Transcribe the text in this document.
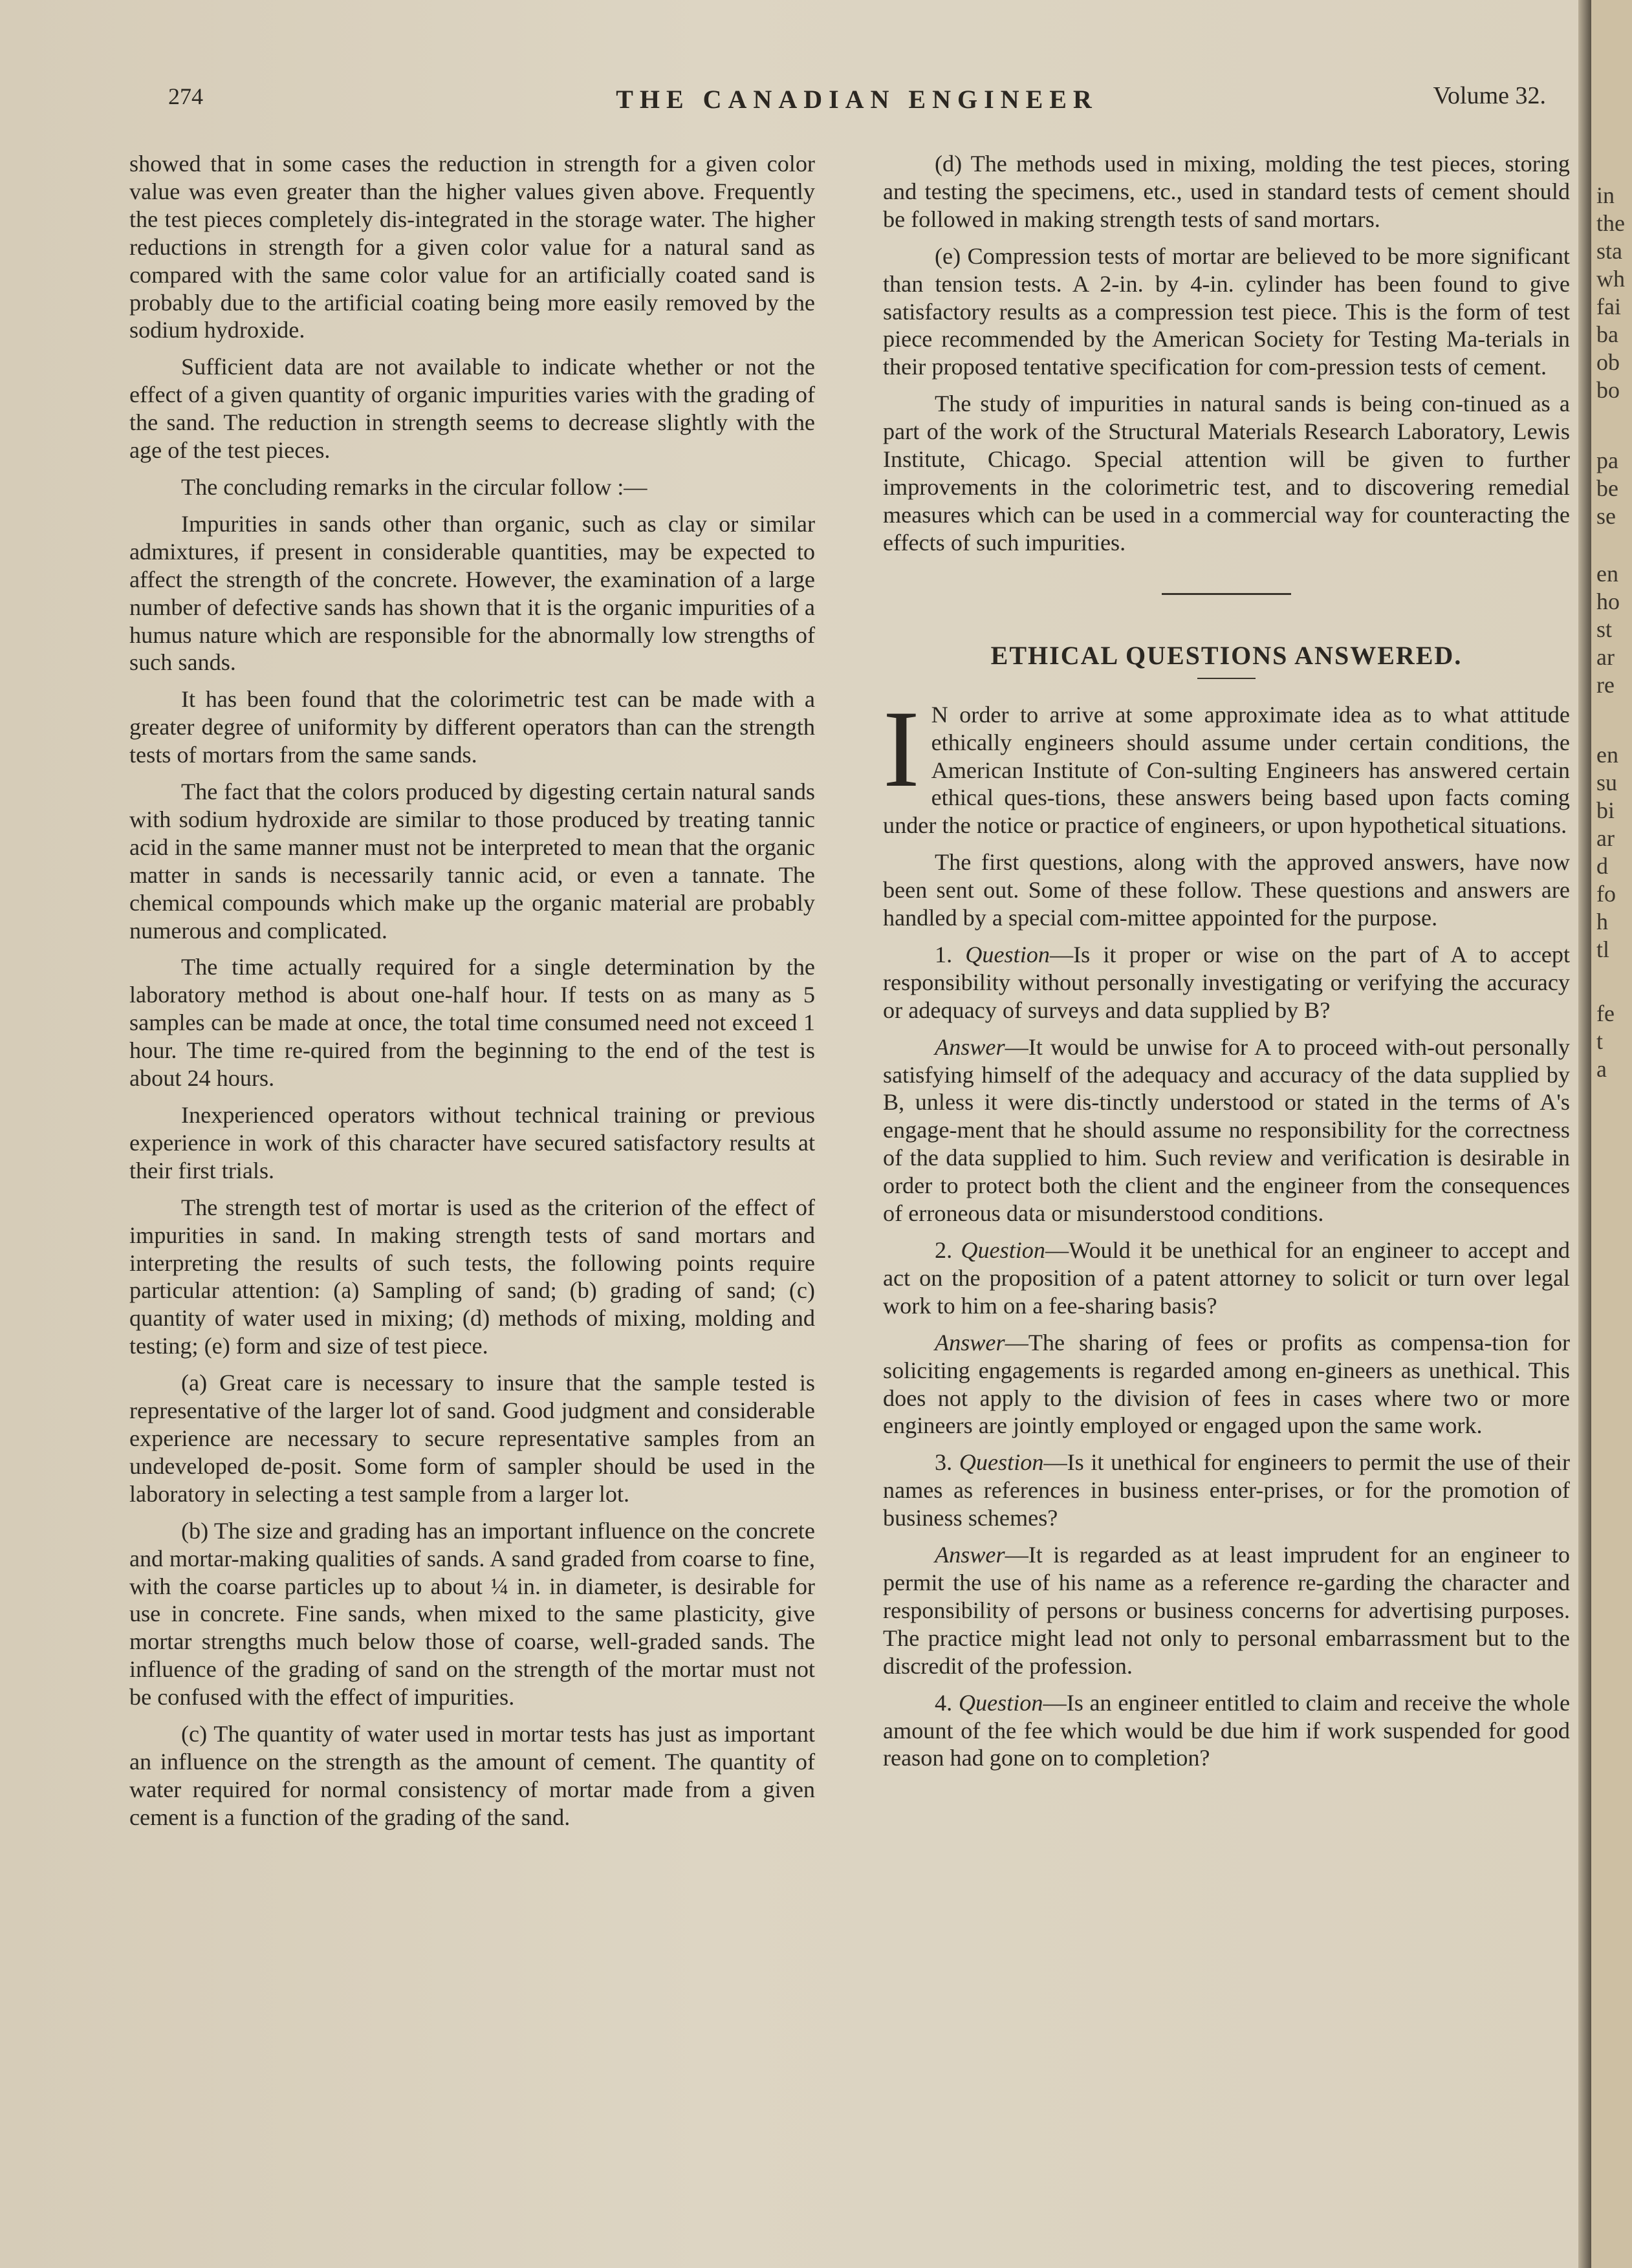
274	THE CANADIAN ENGINEER	Volume 32.

showed that in some cases the reduction in strength for a given color value was even greater than the higher values given above. Frequently the test pieces completely dis-integrated in the storage water. The higher reductions in strength for a given color value for a natural sand as compared with the same color value for an artificially coated sand is probably due to the artificial coating being more easily removed by the sodium hydroxide.

Sufficient data are not available to indicate whether or not the effect of a given quantity of organic impurities varies with the grading of the sand. The reduction in strength seems to decrease slightly with the age of the test pieces.

The concluding remarks in the circular follow :—

Impurities in sands other than organic, such as clay or similar admixtures, if present in considerable quantities, may be expected to affect the strength of the concrete. However, the examination of a large number of defective sands has shown that it is the organic impurities of a humus nature which are responsible for the abnormally low strengths of such sands.

It has been found that the colorimetric test can be made with a greater degree of uniformity by different operators than can the strength tests of mortars from the same sands.

The fact that the colors produced by digesting certain natural sands with sodium hydroxide are similar to those produced by treating tannic acid in the same manner must not be interpreted to mean that the organic matter in sands is necessarily tannic acid, or even a tannate. The chemical compounds which make up the organic material are probably numerous and complicated.

The time actually required for a single determination by the laboratory method is about one-half hour. If tests on as many as 5 samples can be made at once, the total time consumed need not exceed 1 hour. The time re-quired from the beginning to the end of the test is about 24 hours.

Inexperienced operators without technical training or previous experience in work of this character have secured satisfactory results at their first trials.

The strength test of mortar is used as the criterion of the effect of impurities in sand. In making strength tests of sand mortars and interpreting the results of such tests, the following points require particular attention: (a) Sampling of sand; (b) grading of sand; (c) quantity of water used in mixing; (d) methods of mixing, molding and testing; (e) form and size of test piece.

(a) Great care is necessary to insure that the sample tested is representative of the larger lot of sand. Good judgment and considerable experience are necessary to secure representative samples from an undeveloped de-posit. Some form of sampler should be used in the laboratory in selecting a test sample from a larger lot.

(b) The size and grading has an important influence on the concrete and mortar-making qualities of sands. A sand graded from coarse to fine, with the coarse particles up to about ¼ in. in diameter, is desirable for use in concrete. Fine sands, when mixed to the same plasticity, give mortar strengths much below those of coarse, well-graded sands. The influence of the grading of sand on the strength of the mortar must not be confused with the effect of impurities.

(c) The quantity of water used in mortar tests has just as important an influence on the strength as the amount of cement. The quantity of water required for normal consistency of mortar made from a given cement is a function of the grading of the sand.

(d) The methods used in mixing, molding the test pieces, storing and testing the specimens, etc., used in standard tests of cement should be followed in making strength tests of sand mortars.

(e) Compression tests of mortar are believed to be more significant than tension tests. A 2-in. by 4-in. cylinder has been found to give satisfactory results as a compression test piece. This is the form of test piece recommended by the American Society for Testing Ma-terials in their proposed tentative specification for com-pression tests of cement.

The study of impurities in natural sands is being con-tinued as a part of the work of the Structural Materials Research Laboratory, Lewis Institute, Chicago. Special attention will be given to further improvements in the colorimetric test, and to discovering remedial measures which can be used in a commercial way for counteracting the effects of such impurities.

ETHICAL QUESTIONS ANSWERED.

I N order to arrive at some approximate idea as to what attitude ethically engineers should assume under certain conditions, the American Institute of Con-sulting Engineers has answered certain ethical ques-tions, these answers being based upon facts coming under the notice or practice of engineers, or upon hypothetical situations.

The first questions, along with the approved answers, have now been sent out. Some of these follow. These questions and answers are handled by a special com-mittee appointed for the purpose.

1. Question—Is it proper or wise on the part of A to accept responsibility without personally investigating or verifying the accuracy or adequacy of surveys and data supplied by B?

Answer—It would be unwise for A to proceed with-out personally satisfying himself of the adequacy and accuracy of the data supplied by B, unless it were dis-tinctly understood or stated in the terms of A's engage-ment that he should assume no responsibility for the correctness of the data supplied to him. Such review and verification is desirable in order to protect both the client and the engineer from the consequences of erroneous data or misunderstood conditions.

2. Question—Would it be unethical for an engineer to accept and act on the proposition of a patent attorney to solicit or turn over legal work to him on a fee-sharing basis?

Answer—The sharing of fees or profits as compensa-tion for soliciting engagements is regarded among en-gineers as unethical. This does not apply to the division of fees in cases where two or more engineers are jointly employed or engaged upon the same work.

3. Question—Is it unethical for engineers to permit the use of their names as references in business enter-prises, or for the promotion of business schemes?

Answer—It is regarded as at least imprudent for an engineer to permit the use of his name as a reference re-garding the character and responsibility of persons or business concerns for advertising purposes. The practice might lead not only to personal embarrassment but to the discredit of the profession.

4. Question—Is an engineer entitled to claim and receive the whole amount of the fee which would be due him if work suspended for good reason had gone on to completion?

in
the
sta
wh
fai
ba
ob
bo
pa
be
se
en
ho
st
ar
re
en
su
bi
ar
d
fo
h
tl
fe
t
a
